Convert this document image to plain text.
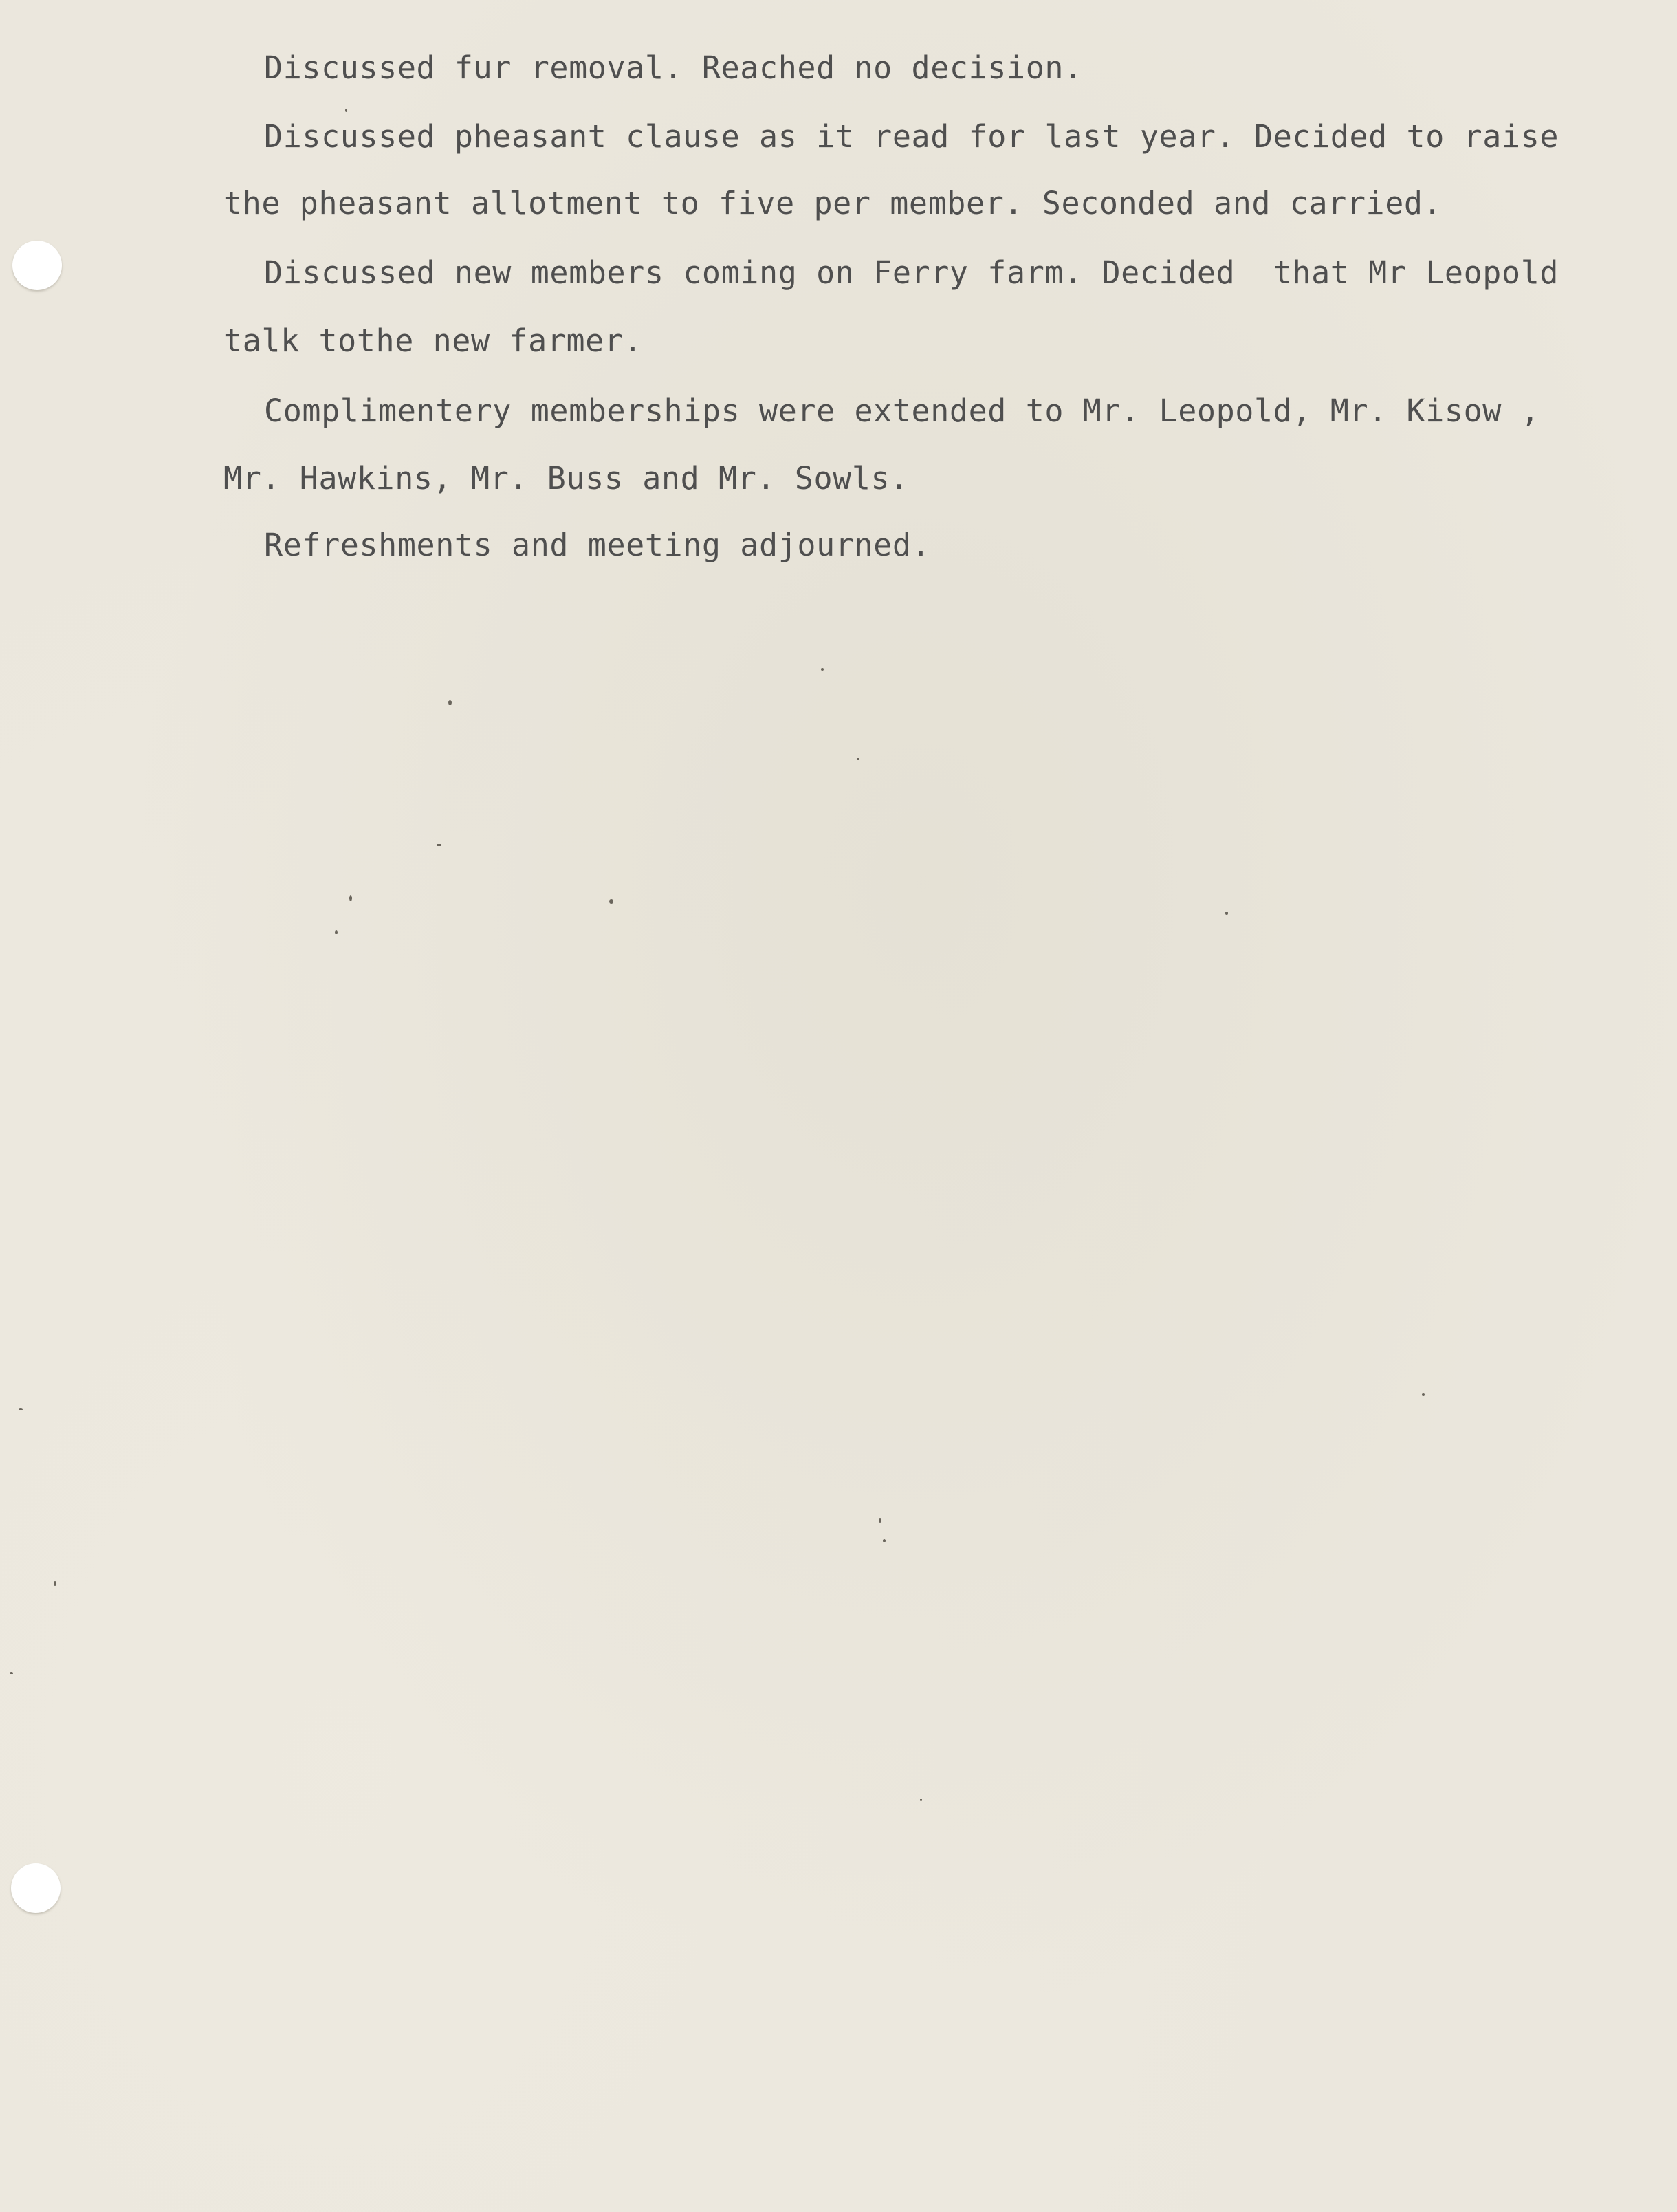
Discussed fur removal. Reached no decision.
Discussed pheasant clause as it read for last year. Decided to raise
the pheasant allotment to five per member. Seconded and carried.
Discussed new members coming on Ferry farm. Decided  that Mr Leopold
talk tothe new farmer.
Complimentery memberships were extended to Mr. Leopold, Mr. Kisow ,
Mr. Hawkins, Mr. Buss and Mr. Sowls.
Refreshments and meeting adjourned.
